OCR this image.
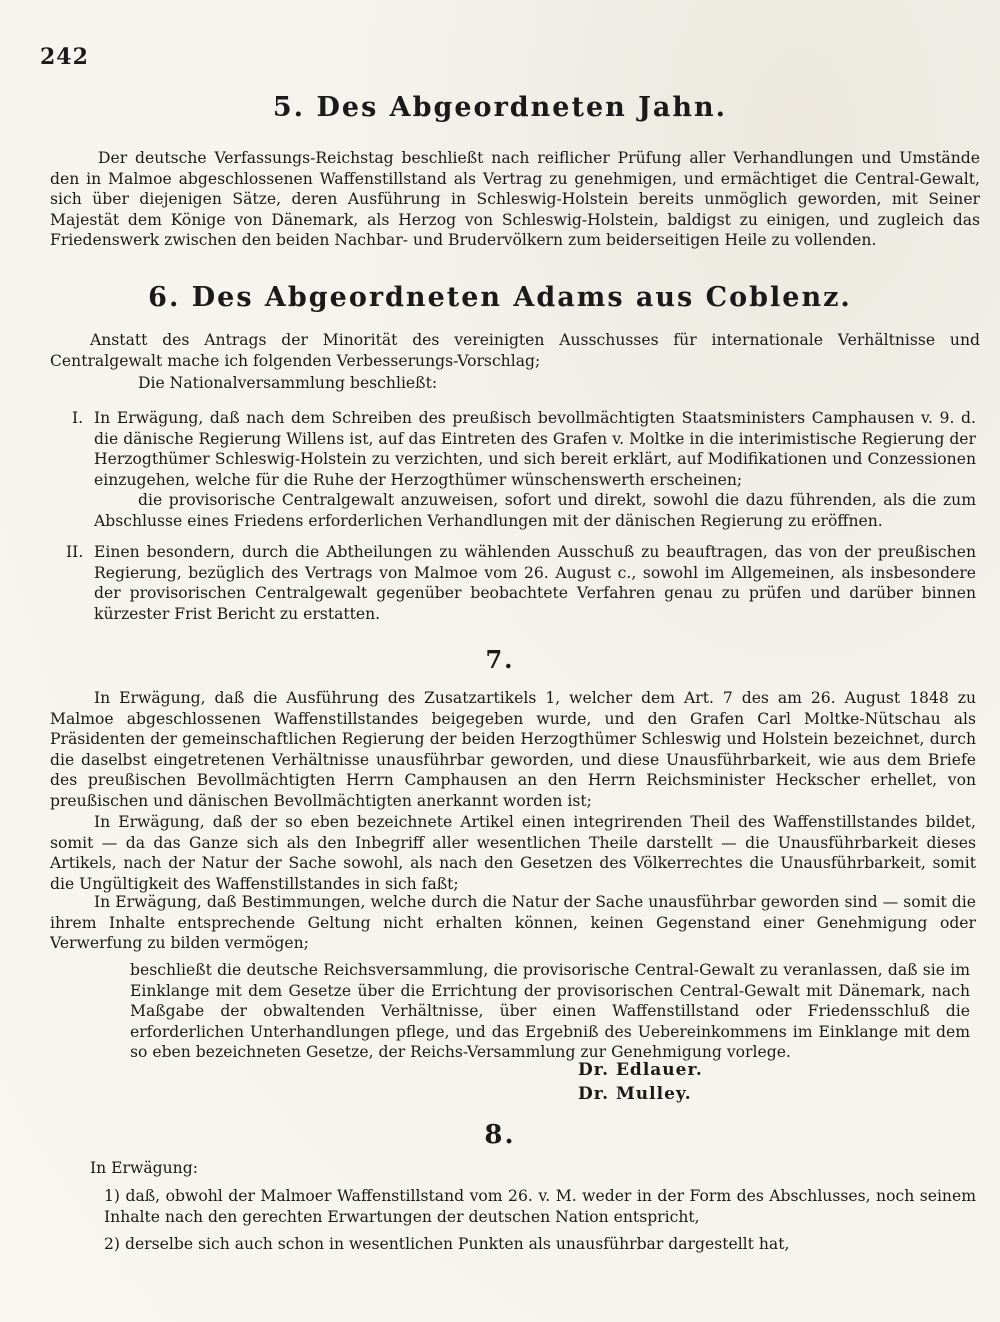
242
5. Des Abgeordneten Jahn.
Der deutsche Verfassungs-Reichstag beschließt nach reiflicher Prüfung aller Verhandlungen und Umstände den in Malmoe abgeschlossenen Waffenstillstand als Vertrag zu genehmigen, und ermächtiget die Central-Gewalt, sich über diejenigen Sätze, deren Ausführung in Schleswig-Holstein bereits unmöglich geworden, mit Seiner Majestät dem Könige von Dänemark, als Herzog von Schleswig-Holstein, baldigst zu einigen, und zugleich das Friedenswerk zwischen den beiden Nachbar- und Brudervölkern zum beiderseitigen Heile zu vollenden.
6. Des Abgeordneten Adams aus Coblenz.
Anstatt des Antrags der Minorität des vereinigten Ausschusses für internationale Verhältnisse und Centralgewalt mache ich folgenden Verbesserungs-Vorschlag;
Die Nationalversammlung beschließt:
I. In Erwägung, daß nach dem Schreiben des preußisch bevollmächtigten Staatsministers Camphausen v. 9. d. die dänische Regierung Willens ist, auf das Eintreten des Grafen v. Moltke in die interimistische Regierung der Herzogthümer Schleswig-Holstein zu verzichten, und sich bereit erklärt, auf Modifikationen und Conzessionen einzugehen, welche für die Ruhe der Herzogthümer wünschenswerth erscheinen;
die provisorische Centralgewalt anzuweisen, sofort und direkt, sowohl die dazu führenden, als die zum Abschlusse eines Friedens erforderlichen Verhandlungen mit der dänischen Regierung zu eröffnen.
II. Einen besondern, durch die Abtheilungen zu wählenden Ausschuß zu beauftragen, das von der preußischen Regierung, bezüglich des Vertrags von Malmoe vom 26. August c., sowohl im Allgemeinen, als insbesondere der provisorischen Centralgewalt gegenüber beobachtete Verfahren genau zu prüfen und darüber binnen kürzester Frist Bericht zu erstatten.
7.
In Erwägung, daß die Ausführung des Zusatzartikels 1, welcher dem Art. 7 des am 26. August 1848 zu Malmoe abgeschlossenen Waffenstillstandes beigegeben wurde, und den Grafen Carl Moltke-Nütschau als Präsidenten der gemeinschaftlichen Regierung der beiden Herzogthümer Schleswig und Holstein bezeichnet, durch die daselbst eingetretenen Verhältnisse unausführbar geworden, und diese Unausführbarkeit, wie aus dem Briefe des preußischen Bevollmächtigten Herrn Camphausen an den Herrn Reichsminister Heckscher erhellet, von preußischen und dänischen Bevollmächtigten anerkannt worden ist;
In Erwägung, daß der so eben bezeichnete Artikel einen integrirenden Theil des Waffenstillstandes bildet, somit — da das Ganze sich als den Inbegriff aller wesentlichen Theile darstellt — die Unausführbarkeit dieses Artikels, nach der Natur der Sache sowohl, als nach den Gesetzen des Völkerrechtes die Unausführbarkeit, somit die Ungültigkeit des Waffenstillstandes in sich faßt;
In Erwägung, daß Bestimmungen, welche durch die Natur der Sache unausführbar geworden sind — somit die ihrem Inhalte entsprechende Geltung nicht erhalten können, keinen Gegenstand einer Genehmigung oder Verwerfung zu bilden vermögen;
beschließt die deutsche Reichsversammlung, die provisorische Central-Gewalt zu veranlassen, daß sie im Einklange mit dem Gesetze über die Errichtung der provisorischen Central-Gewalt mit Dänemark, nach Maßgabe der obwaltenden Verhältnisse, über einen Waffenstillstand oder Friedensschluß die erforderlichen Unterhandlungen pflege, und das Ergebniß des Uebereinkommens im Einklange mit dem so eben bezeichneten Gesetze, der Reichs-Versammlung zur Genehmigung vorlege.
Dr. Edlauer.
Dr. Mulley.
8.
In Erwägung:
1) daß, obwohl der Malmoer Waffenstillstand vom 26. v. M. weder in der Form des Abschlusses, noch seinem Inhalte nach den gerechten Erwartungen der deutschen Nation entspricht,
2) derselbe sich auch schon in wesentlichen Punkten als unausführbar dargestellt hat,
